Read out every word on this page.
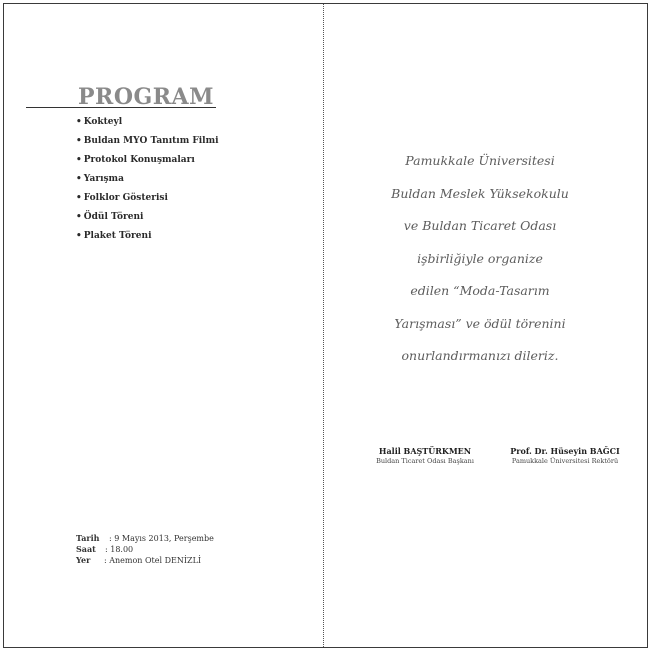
PROGRAM
• Kokteyl
• Buldan MYO Tanıtım Filmi
• Protokol Konuşmaları
• Yarışma
• Folklor Gösterisi
• Ödül Töreni
• Plaket Töreni
Pamukkale Üniversitesi
Buldan Meslek Yüksekokulu
ve Buldan Ticaret Odası
işbirliğiyle organize
edilen “Moda-Tasarım
Yarışması” ve ödül törenini
onurlandırmanızı dileriz.
Halil BAŞTÜRKMEN
Buldan Ticaret Odası Başkanı
Prof. Dr. Hüseyin BAĞCI
Pamukkale Üniversitesi Rektörü
Tarih : 9 Mayıs 2013, Perşembe
Saat : 18.00
Yer : Anemon Otel DENİZLİ
